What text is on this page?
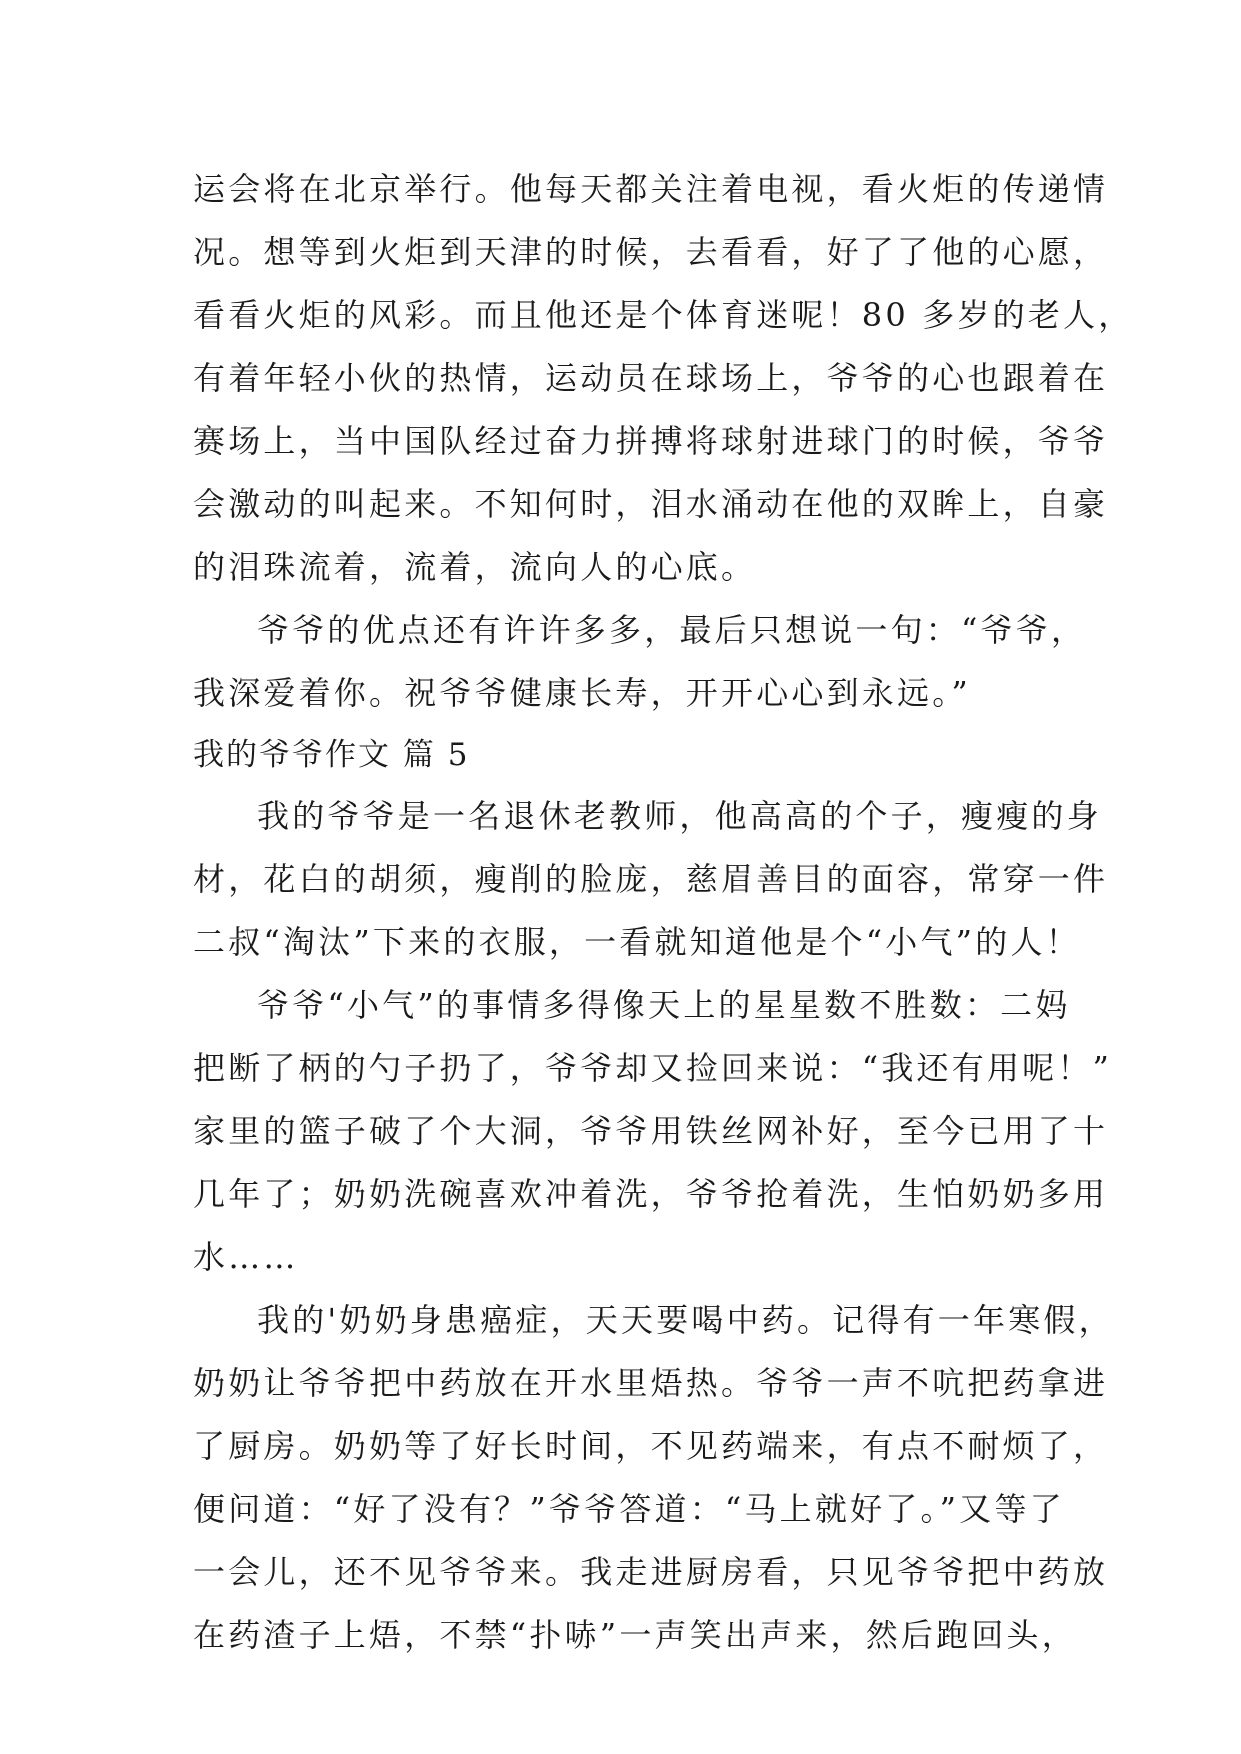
运会将在北京举行。他每天都关注着电视，看火炬的传递情
况。想等到火炬到天津的时候，去看看，好了了他的心愿，
看看火炬的风彩。而且他还是个体育迷呢！80 多岁的老人，
有着年轻小伙的热情，运动员在球场上，爷爷的心也跟着在
赛场上，当中国队经过奋力拼搏将球射进球门的时候，爷爷
会激动的叫起来。不知何时，泪水涌动在他的双眸上，自豪
的泪珠流着，流着，流向人的心底。
爷爷的优点还有许许多多，最后只想说一句：“爷爷，
我深爱着你。祝爷爷健康长寿，开开心心到永远。”
我的爷爷作文 篇 5
我的爷爷是一名退休老教师，他高高的个子，瘦瘦的身
材，花白的胡须，瘦削的脸庞，慈眉善目的面容，常穿一件
二叔“淘汰”下来的衣服，一看就知道他是个“小气”的人！
爷爷“小气”的事情多得像天上的星星数不胜数：二妈
把断了柄的勺子扔了，爷爷却又捡回来说：“我还有用呢！”
家里的篮子破了个大洞，爷爷用铁丝网补好，至今已用了十
几年了；奶奶洗碗喜欢冲着洗，爷爷抢着洗，生怕奶奶多用
水……
我的'奶奶身患癌症，天天要喝中药。记得有一年寒假，
奶奶让爷爷把中药放在开水里焐热。爷爷一声不吭把药拿进
了厨房。奶奶等了好长时间，不见药端来，有点不耐烦了，
便问道：“好了没有？”爷爷答道：“马上就好了。”又等了
一会儿，还不见爷爷来。我走进厨房看，只见爷爷把中药放
在药渣子上焐，不禁“扑哧”一声笑出声来，然后跑回头，
